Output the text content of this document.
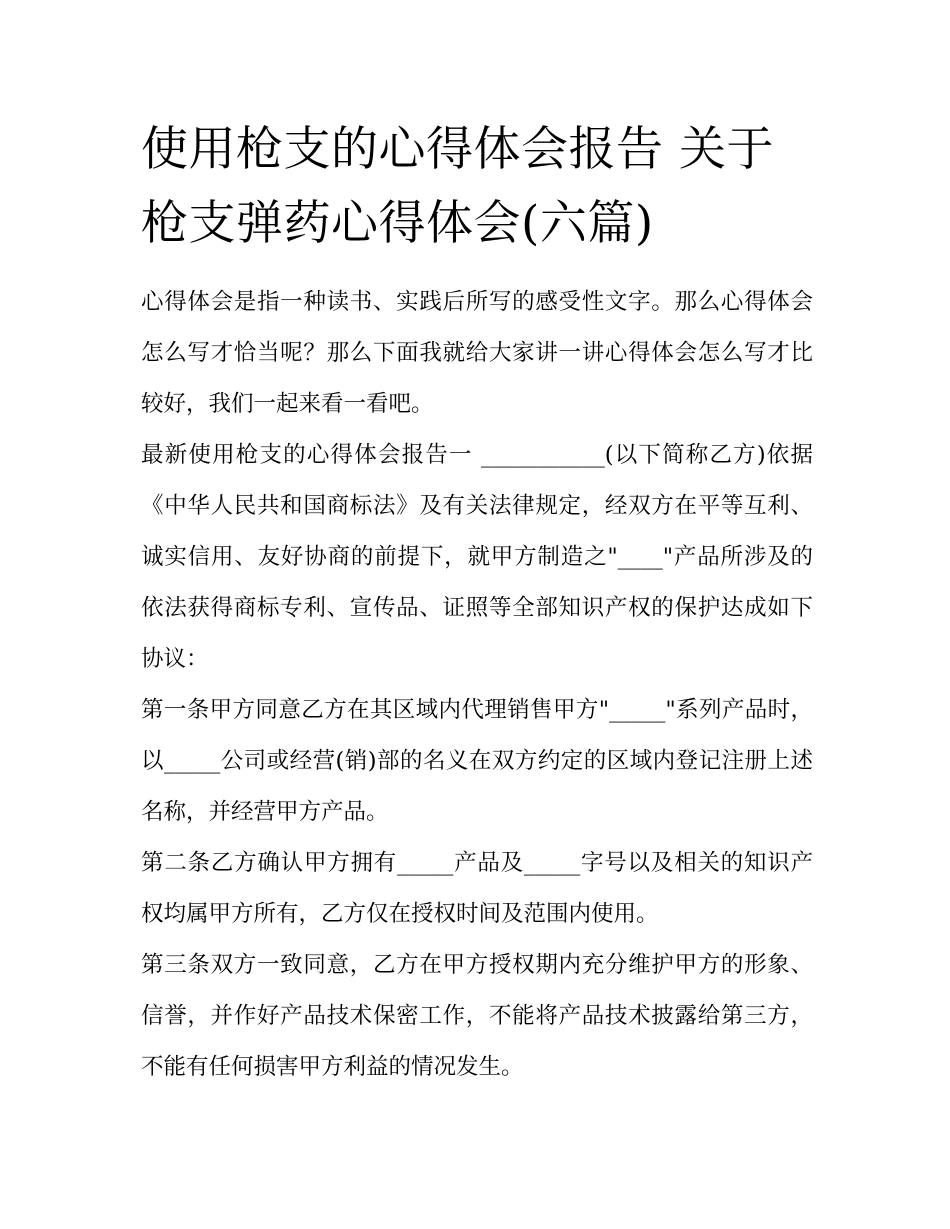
使用枪支的心得体会报告 关于枪支弹药心得体会(六篇)

心得体会是指一种读书、实践后所写的感受性文字。那么心得体会怎么写才恰当呢？那么下面我就给大家讲一讲心得体会怎么写才比较好，我们一起来看一看吧。

最新使用枪支的心得体会报告一 ___________(以下简称乙方)依据《中华人民共和国商标法》及有关法律规定，经双方在平等互利、诚实信用、友好协商的前提下，就甲方制造之"____"产品所涉及的依法获得商标专利、宣传品、证照等全部知识产权的保护达成如下协议：

第一条甲方同意乙方在其区域内代理销售甲方"_____"系列产品时，以_____公司或经营(销)部的名义在双方约定的区域内登记注册上述名称，并经营甲方产品。

第二条乙方确认甲方拥有_____产品及_____字号以及相关的知识产权均属甲方所有，乙方仅在授权时间及范围内使用。

第三条双方一致同意，乙方在甲方授权期内充分维护甲方的形象、信誉，并作好产品技术保密工作，不能将产品技术披露给第三方，不能有任何损害甲方利益的情况发生。
